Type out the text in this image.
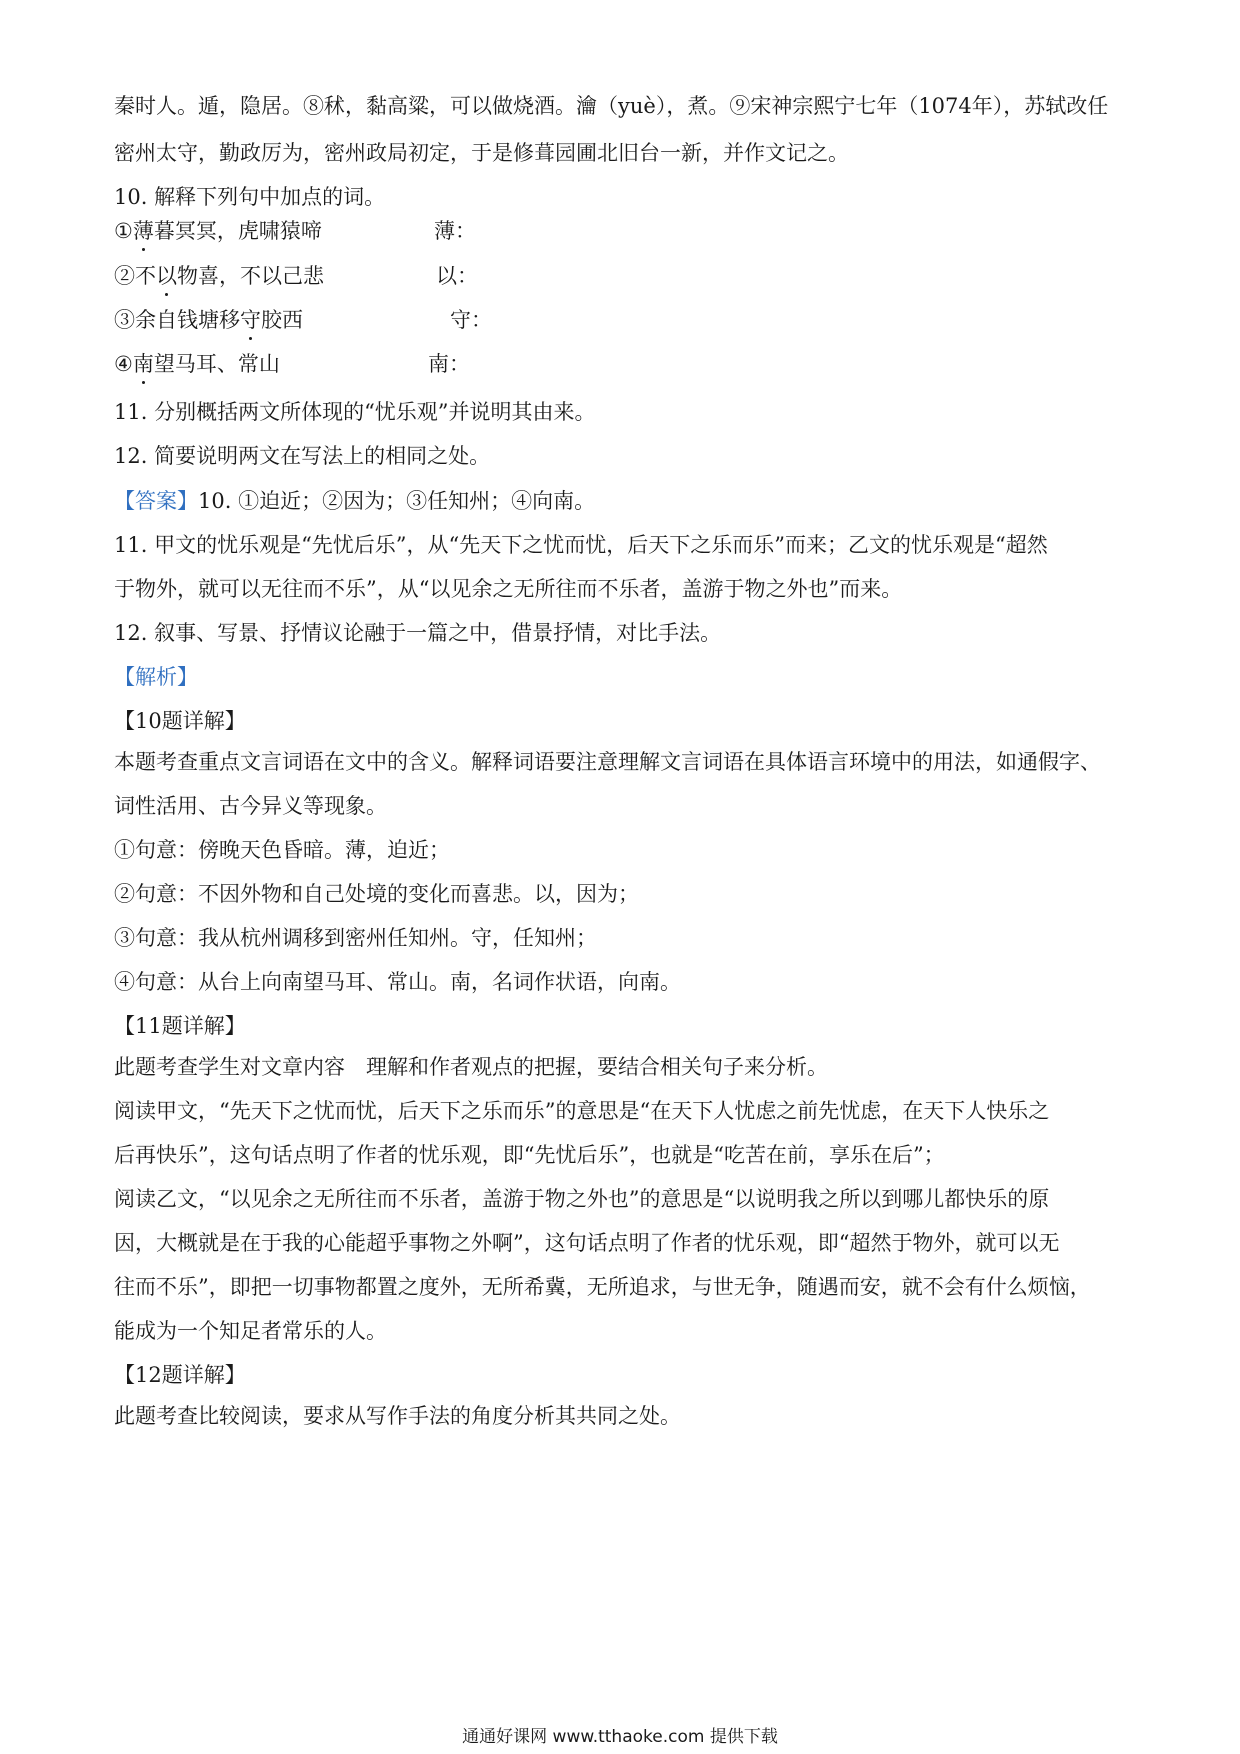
秦时人。遁，隐居。⑧秫，黏高粱，可以做烧酒。瀹（yuè），煮。⑨宋神宗熙宁七年（1074年），苏轼改任
密州太守，勤政厉为，密州政局初定，于是修葺园圃北旧台一新，并作文记之。
10. 解释下列句中加点的词。
①薄暮冥冥，虎啸猿啼	薄：
②不以物喜，不以己悲	以：
③余自钱塘移守胶西	守：
④南望马耳、常山	南：
11. 分别概括两文所体现的“忧乐观”并说明其由来。
12. 简要说明两文在写法上的相同之处。
【答案】10. ①迫近；②因为；③任知州；④向南。
11. 甲文的忧乐观是“先忧后乐”，从“先天下之忧而忧，后天下之乐而乐”而来；乙文的忧乐观是“超然
于物外，就可以无往而不乐”，从“以见余之无所往而不乐者，盖游于物之外也”而来。
12. 叙事、写景、抒情议论融于一篇之中，借景抒情，对比手法。
【解析】
【10题详解】
本题考查重点文言词语在文中的含义。解释词语要注意理解文言词语在具体语言环境中的用法，如通假字、
词性活用、古今异义等现象。
①句意：傍晚天色昏暗。薄，迫近；
②句意：不因外物和自己处境的变化而喜悲。以，因为；
③句意：我从杭州调移到密州任知州。守，任知州；
④句意：从台上向南望马耳、常山。南，名词作状语，向南。
【11题详解】
此题考查学生对文章内容　理解和作者观点的把握，要结合相关句子来分析。
阅读甲文，“先天下之忧而忧，后天下之乐而乐”的意思是“在天下人忧虑之前先忧虑，在天下人快乐之
后再快乐”，这句话点明了作者的忧乐观，即“先忧后乐”，也就是“吃苦在前，享乐在后”；
阅读乙文，“以见余之无所往而不乐者，盖游于物之外也”的意思是“以说明我之所以到哪儿都快乐的原
因，大概就是在于我的心能超乎事物之外啊”，这句话点明了作者的忧乐观，即“超然于物外，就可以无
往而不乐”，即把一切事物都置之度外，无所希冀，无所追求，与世无争，随遇而安，就不会有什么烦恼，
能成为一个知足者常乐的人。
【12题详解】
此题考查比较阅读，要求从写作手法的角度分析其共同之处。
通通好课网 www.tthaoke.com 提供下载
